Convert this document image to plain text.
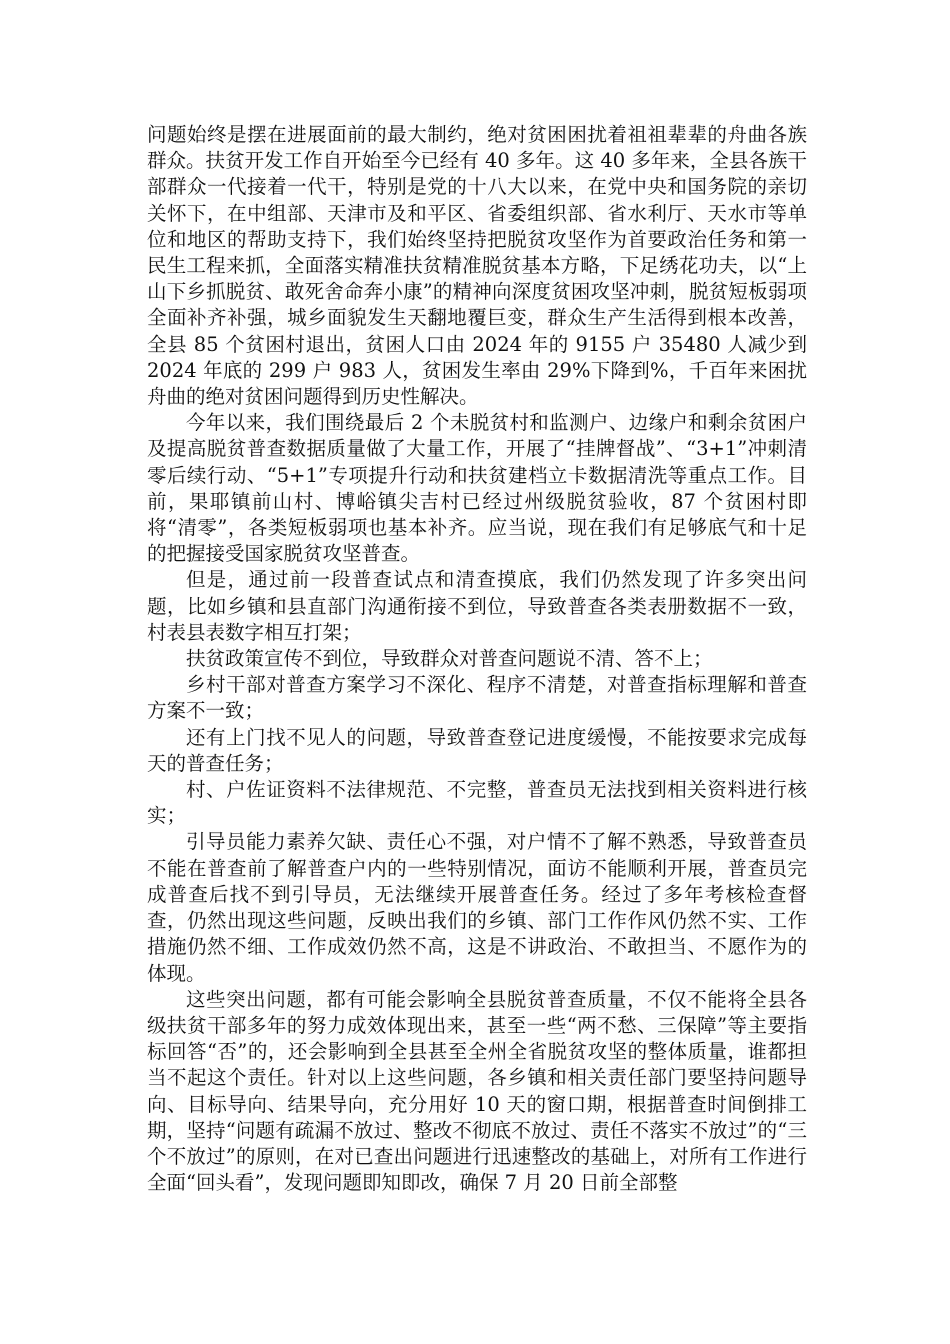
问题始终是摆在进展面前的最大制约，绝对贫困困扰着祖祖辈辈的舟曲各族群众。扶贫开发工作自开始至今已经有 40 多年。这 40 多年来，全县各族干部群众一代接着一代干，特别是党的十八大以来，在党中央和国务院的亲切关怀下，在中组部、天津市及和平区、省委组织部、省水利厅、天水市等单位和地区的帮助支持下，我们始终坚持把脱贫攻坚作为首要政治任务和第一民生工程来抓，全面落实精准扶贫精准脱贫基本方略，下足绣花功夫，以“上山下乡抓脱贫、敢死舍命奔小康”的精神向深度贫困攻坚冲刺，脱贫短板弱项全面补齐补强，城乡面貌发生天翻地覆巨变，群众生产生活得到根本改善，全县 85 个贫困村退出，贫困人口由 2024 年的 9155 户 35480 人减少到 2024 年底的 299 户 983 人，贫困发生率由 29%下降到%，千百年来困扰舟曲的绝对贫困问题得到历史性解决。

今年以来，我们围绕最后 2 个未脱贫村和监测户、边缘户和剩余贫困户及提高脱贫普查数据质量做了大量工作，开展了“挂牌督战”、“3+1”冲刺清零后续行动、“5+1”专项提升行动和扶贫建档立卡数据清洗等重点工作。目前，果耶镇前山村、博峪镇尖吉村已经过州级脱贫验收，87 个贫困村即将“清零”，各类短板弱项也基本补齐。应当说，现在我们有足够底气和十足的把握接受国家脱贫攻坚普查。

但是，通过前一段普查试点和清查摸底，我们仍然发现了许多突出问题，比如乡镇和县直部门沟通衔接不到位，导致普查各类表册数据不一致，村表县表数字相互打架；

扶贫政策宣传不到位，导致群众对普查问题说不清、答不上；

乡村干部对普查方案学习不深化、程序不清楚，对普查指标理解和普查方案不一致；

还有上门找不见人的问题，导致普查登记进度缓慢，不能按要求完成每天的普查任务；

村、户佐证资料不法律规范、不完整，普查员无法找到相关资料进行核实；

引导员能力素养欠缺、责任心不强，对户情不了解不熟悉，导致普查员不能在普查前了解普查户内的一些特别情况，面访不能顺利开展，普查员完成普查后找不到引导员，无法继续开展普查任务。经过了多年考核检查督查，仍然出现这些问题，反映出我们的乡镇、部门工作作风仍然不实、工作措施仍然不细、工作成效仍然不高，这是不讲政治、不敢担当、不愿作为的体现。

这些突出问题，都有可能会影响全县脱贫普查质量，不仅不能将全县各级扶贫干部多年的努力成效体现出来，甚至一些“两不愁、三保障”等主要指标回答“否”的，还会影响到全县甚至全州全省脱贫攻坚的整体质量，谁都担当不起这个责任。针对以上这些问题，各乡镇和相关责任部门要坚持问题导向、目标导向、结果导向，充分用好 10 天的窗口期，根据普查时间倒排工期，坚持“问题有疏漏不放过、整改不彻底不放过、责任不落实不放过”的“三个不放过”的原则，在对已查出问题进行迅速整改的基础上，对所有工作进行全面“回头看”，发现问题即知即改，确保 7 月 20 日前全部整
